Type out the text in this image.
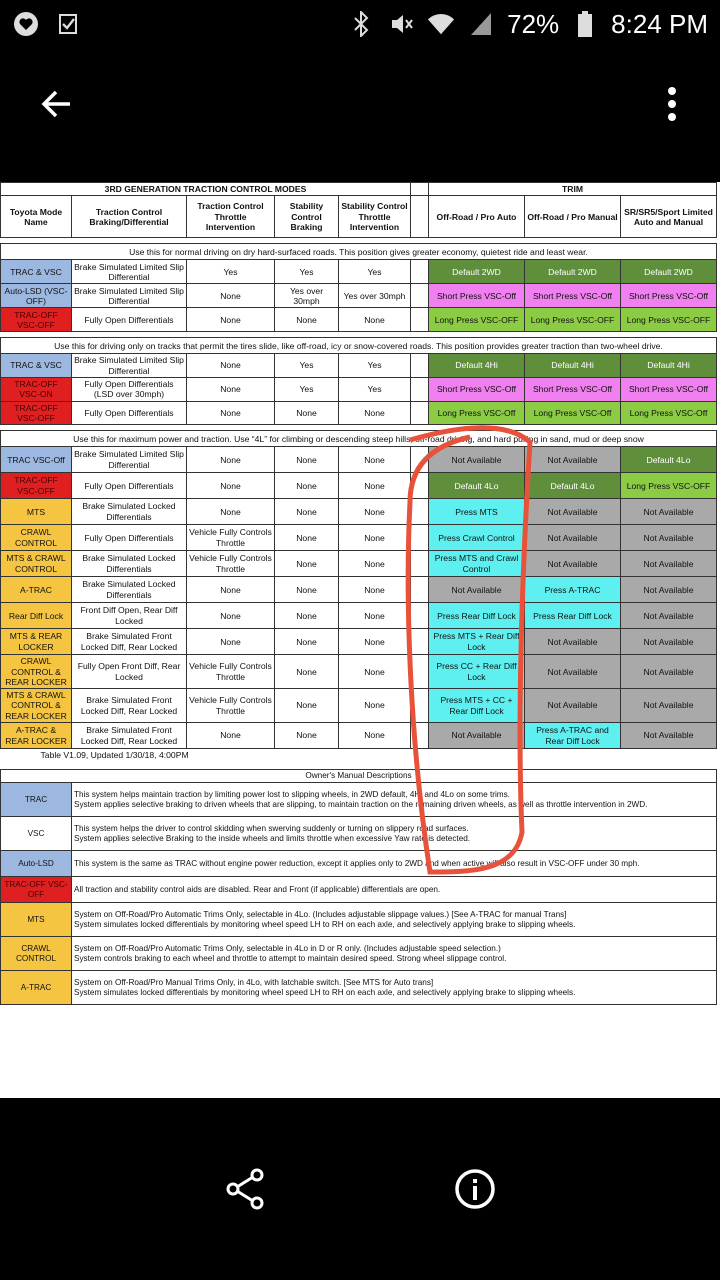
72% 8:24 PM
3RD GENERATION TRACTION CONTROL MODES						TRIM		
Toyota Mode Name	Traction Control Braking/Differential	Traction Control Throttle Intervention	Stability Control Braking	Stability Control Throttle Intervention		Off-Road / Pro Auto	Off-Road / Pro Manual	SR/SR5/Sport Limited Auto and Manual

Use this for normal driving on dry hard-surfaced roads. This position gives greater economy, quietest ride and least wear.								
TRAC & VSC	Brake Simulated Limited Slip Differential	Yes	Yes	Yes		Default 2WD	Default 2WD	Default 2WD
Auto-LSD (VSC-OFF)	Brake Simulated Limited Slip Differential	None	Yes over 30mph	Yes over 30mph		Short Press VSC-Off	Short Press VSC-Off	Short Press VSC-Off
TRAC-OFF VSC-OFF	Fully Open Differentials	None	None	None		Long Press VSC-OFF	Long Press VSC-OFF	Long Press VSC-OFF

Use this for driving only on tracks that permit the tires slide, like off-road, icy or snow-covered roads. This position provides greater traction than two-wheel drive.								
TRAC & VSC	Brake Simulated Limited Slip Differential	None	Yes	Yes		Default 4Hi	Default 4Hi	Default 4Hi
TRAC-OFF VSC-ON	Fully Open Differentials (LSD over 30mph)	None	Yes	Yes		Short Press VSC-Off	Short Press VSC-Off	Short Press VSC-Off
TRAC-OFF VSC-OFF	Fully Open Differentials	None	None	None		Long Press VSC-Off	Long Press VSC-Off	Long Press VSC-Off

Use this for maximum power and traction. Use “4L” for climbing or descending steep hills, off-road driving, and hard pulling in sand, mud or deep snow								
TRAC VSC-Off	Brake Simulated Limited Slip Differential	None	None	None		Not Available	Not Available	Default 4Lo
TRAC-OFF VSC-OFF	Fully Open Differentials	None	None	None		Default 4Lo	Default 4Lo	Long Press VSC-OFF
MTS	Brake Simulated Locked Differentials	None	None	None		Press MTS	Not Available	Not Available
CRAWL CONTROL	Fully Open Differentials	Vehicle Fully Controls Throttle	None	None		Press Crawl Control	Not Available	Not Available
MTS & CRAWL CONTROL	Brake Simulated Locked Differentials	Vehicle Fully Controls Throttle	None	None		Press MTS and Crawl Control	Not Available	Not Available
A-TRAC	Brake Simulated Locked Differentials	None	None	None		Not Available	Press A-TRAC	Not Available
Rear Diff Lock	Front Diff Open, Rear Diff Locked	None	None	None		Press Rear Diff Lock	Press Rear Diff Lock	Not Available
MTS & REAR LOCKER	Brake Simulated Front Locked Diff, Rear Locked	None	None	None		Press MTS + Rear Diff Lock	Not Available	Not Available
CRAWL CONTROL & REAR LOCKER	Fully Open Front Diff, Rear Locked	Vehicle Fully Controls Throttle	None	None		Press CC + Rear Diff Lock	Not Available	Not Available
MTS & CRAWL CONTROL & REAR LOCKER	Brake Simulated Front Locked Diff, Rear Locked	Vehicle Fully Controls Throttle	None	None		Press MTS + CC + Rear Diff Lock	Not Available	Not Available
A-TRAC & REAR LOCKER	Brake Simulated Front Locked Diff, Rear Locked	None	None	None		Not Available	Press A-TRAC and Rear Diff Lock	Not Available
Table V1.09, Updated 1/30/18, 4:00PM								
Owner's Manual Descriptions	
TRAC	This system helps maintain traction by limiting power lost to slipping wheels, in 2WD default, 4Hi and 4Lo on some trims.
System applies selective braking to driven wheels that are slipping, to maintain traction on the remaining driven wheels, as well as throttle intervention in 2WD.

VSC	This system helps the driver to control skidding when swerving suddenly or turning on slippery road surfaces.
System applies selective Braking to the inside wheels and limits throttle when excessive Yaw rate is detected.

Auto-LSD	This system is the same as TRAC without engine power reduction, except it applies only to 2WD and when active will also result in VSC-OFF under 30 mph.

TRAC-OFF VSC-OFF	All traction and stability control aids are disabled. Rear and Front (if applicable) differentials are open.

MTS	System on Off-Road/Pro Automatic Trims Only, selectable in 4Lo. (Includes adjustable slippage values.) [See A-TRAC for manual Trans]
System simulates locked differentials by monitoring wheel speed LH to RH on each axle, and selectively applying brake to slipping wheels.

CRAWL CONTROL	System on Off-Road/Pro Automatic Trims Only, selectable in 4Lo in D or R only. (Includes adjustable speed selection.)
System controls braking to each wheel and throttle to attempt to maintain desired speed. Strong wheel slippage control.

A-TRAC	System on Off-Road/Pro Manual Trims Only, in 4Lo, with latchable switch. [See MTS for Auto trans]
System simulates locked differentials by monitoring wheel speed LH to RH on each axle, and selectively applying brake to slipping wheels.
